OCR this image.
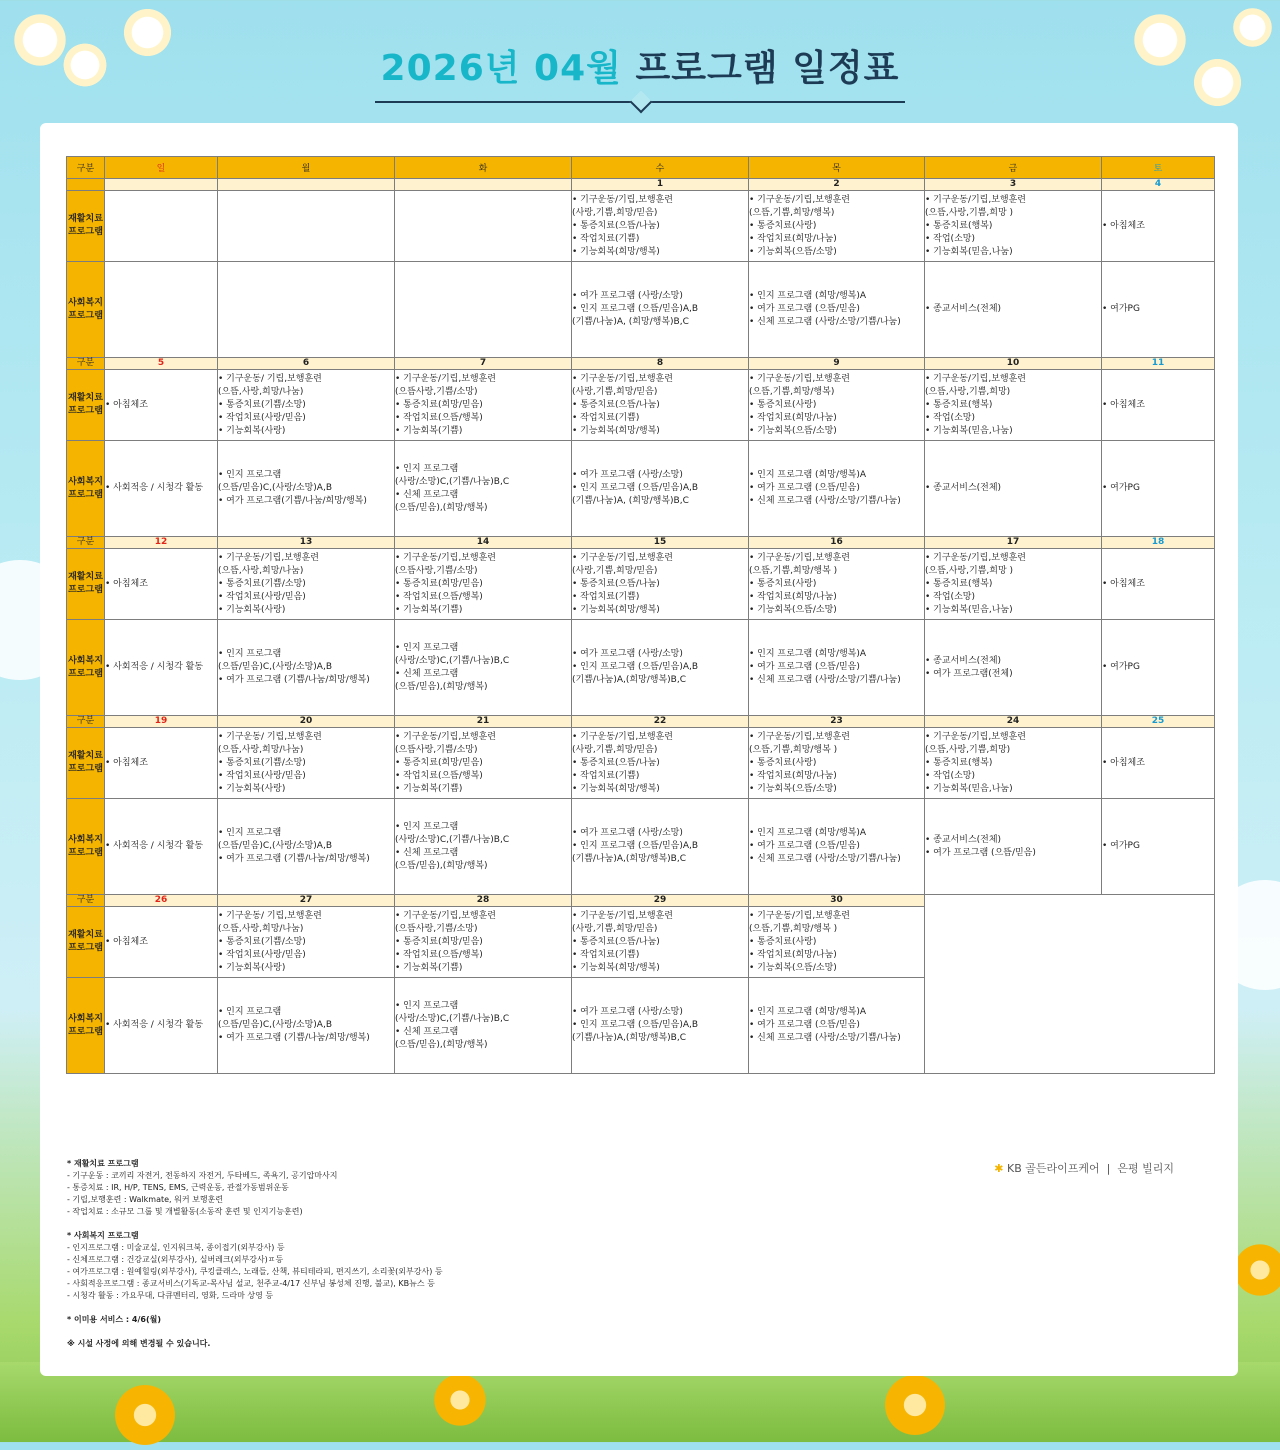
2026년 04월 프로그램 일정표
구분	일	월	화	수	목	금	토
				1	2	3	4

재활치료
프로그램				• 기구운동/기립,보행훈련
(사랑,기쁨,희망/믿음)
• 통증치료(으뜸/나눔)
• 작업치료(기쁨)
• 기능회복(희망/행복)	• 기구운동/기립,보행훈련
(으뜸,기쁨,희망/행복)
• 통증치료(사랑)
• 작업치료(희망/나눔)
• 기능회복(으뜸/소망)	• 기구운동/기립,보행훈련
(으뜸,사랑,기쁨,희망 )
• 통증치료(행복)
• 작업(소망)
• 기능회복(믿음,나눔)	• 아침체조

사회복지
프로그램				• 여가 프로그램 (사랑/소망)
• 인지 프로그램 (으뜸/믿음)A,B
(기쁨/나눔)A, (희망/행복)B,C	• 인지 프로그램 (희망/행복)A
• 여가 프로그램 (으뜸/믿음)
• 신체 프로그램 (사랑/소망/기쁨/나눔)	• 종교서비스(전체)	• 여가PG

구분	5	6	7	8	9	10	11

재활치료
프로그램	• 아침체조	• 기구운동/ 기립,보행훈련
(으뜸,사랑,희망/나눔)
• 통증치료(기쁨/소망)
• 작업치료(사랑/믿음)
• 기능회복(사랑)	• 기구운동/기립,보행훈련
(으뜸사랑,기쁨/소망)
• 통증치료(희망/믿음)
• 작업치료(으뜸/행복)
• 기능회복(기쁨)	• 기구운동/기립,보행훈련
(사랑,기쁨,희망/믿음)
• 통증치료(으뜸/나눔)
• 작업치료(기쁨)
• 기능회복(희망/행복)	• 기구운동/기립,보행훈련
(으뜸,기쁨,희망/행복)
• 통증치료(사랑)
• 작업치료(희망/나눔)
• 기능회복(으뜸/소망)	• 기구운동/기립,보행훈련
(으뜸,사랑,기쁨,희망)
• 통증치료(행복)
• 작업(소망)
• 기능회복(믿음,나눔)	• 아침체조

사회복지
프로그램	• 사회적응 / 시청각 활동	• 인지 프로그램
(으뜸/믿음)C,(사랑/소망)A,B
• 여가 프로그램(기쁨/나눔/희망/행복)	• 인지 프로그램
(사랑/소망)C,(기쁨/나눔)B,C
• 신체 프로그램
(으뜸/믿음),(희망/행복)	• 여가 프로그램 (사랑/소망)
• 인지 프로그램 (으뜸/믿음)A,B
(기쁨/나눔)A, (희망/행복)B,C	• 인지 프로그램 (희망/행복)A
• 여가 프로그램 (으뜸/믿음)
• 신체 프로그램 (사랑/소망/기쁨/나눔)	• 종교서비스(전체)	• 여가PG

구분	12	13	14	15	16	17	18

재활치료
프로그램	• 아침체조	• 기구운동/기립,보행훈련
(으뜸,사랑,희망/나눔)
• 통증치료(기쁨/소망)
• 작업치료(사랑/믿음)
• 기능회복(사랑)	• 기구운동/기립,보행훈련
(으뜸사랑,기쁨/소망)
• 통증치료(희망/믿음)
• 작업치료(으뜸/행복)
• 기능회복(기쁨)	• 기구운동/기립,보행훈련
(사랑,기쁨,희망/믿음)
• 통증치료(으뜸/나눔)
• 작업치료(기쁨)
• 기능회복(희망/행복)	• 기구운동/기립,보행훈련
(으뜸,기쁨,희망/행복 )
• 통증치료(사랑)
• 작업치료(희망/나눔)
• 기능회복(으뜸/소망)	• 기구운동/기립,보행훈련
(으뜸,사랑,기쁨,희망 )
• 통증치료(행복)
• 작업(소망)
• 기능회복(믿음,나눔)	• 아침체조

사회복지
프로그램	• 사회적응 / 시청각 활동	• 인지 프로그램
(으뜸/믿음)C,(사랑/소망)A,B
• 여가 프로그램 (기쁨/나눔/희망/행복)	• 인지 프로그램
(사랑/소망)C,(기쁨/나눔)B,C
• 신체 프로그램
(으뜸/믿음),(희망/행복)	• 여가 프로그램 (사랑/소망)
• 인지 프로그램 (으뜸/믿음)A,B
(기쁨/나눔)A,(희망/행복)B,C	• 인지 프로그램 (희망/행복)A
• 여가 프로그램 (으뜸/믿음)
• 신체 프로그램 (사랑/소망/기쁨/나눔)	• 종교서비스(전체)
• 여가 프로그램(전체)	• 여가PG

구분	19	20	21	22	23	24	25

재활치료
프로그램	• 아침체조	• 기구운동/ 기립,보행훈련
(으뜸,사랑,희망/나눔)
• 통증치료(기쁨/소망)
• 작업치료(사랑/믿음)
• 기능회복(사랑)	• 기구운동/기립,보행훈련
(으뜸사랑,기쁨/소망)
• 통증치료(희망/믿음)
• 작업치료(으뜸/행복)
• 기능회복(기쁨)	• 기구운동/기립,보행훈련
(사랑,기쁨,희망/믿음)
• 통증치료(으뜸/나눔)
• 작업치료(기쁨)
• 기능회복(희망/행복)	• 기구운동/기립,보행훈련
(으뜸,기쁨,희망/행복 )
• 통증치료(사랑)
• 작업치료(희망/나눔)
• 기능회복(으뜸/소망)	• 기구운동/기립,보행훈련
(으뜸,사랑,기쁨,희망)
• 통증치료(행복)
• 작업(소망)
• 기능회복(믿음,나눔)	• 아침체조

사회복지
프로그램	• 사회적응 / 시청각 활동	• 인지 프로그램
(으뜸/믿음)C,(사랑/소망)A,B
• 여가 프로그램 (기쁨/나눔/희망/행복)	• 인지 프로그램
(사랑/소망)C,(기쁨/나눔)B,C
• 신체 프로그램
(으뜸/믿음),(희망/행복)	• 여가 프로그램 (사랑/소망)
• 인지 프로그램 (으뜸/믿음)A,B
(기쁨/나눔)A,(희망/행복)B,C	• 인지 프로그램 (희망/행복)A
• 여가 프로그램 (으뜸/믿음)
• 신체 프로그램 (사랑/소망/기쁨/나눔)	• 종교서비스(전체)
• 여가 프로그램 (으뜸/믿음)	• 여가PG

구분	26	27	28	29	30		

재활치료
프로그램	• 아침체조	• 기구운동/ 기립,보행훈련
(으뜸,사랑,희망/나눔)
• 통증치료(기쁨/소망)
• 작업치료(사랑/믿음)
• 기능회복(사랑)	• 기구운동/기립,보행훈련
(으뜸사랑,기쁨/소망)
• 통증치료(희망/믿음)
• 작업치료(으뜸/행복)
• 기능회복(기쁨)	• 기구운동/기립,보행훈련
(사랑,기쁨,희망/믿음)
• 통증치료(으뜸/나눔)
• 작업치료(기쁨)
• 기능회복(희망/행복)	• 기구운동/기립,보행훈련
(으뜸,기쁨,희망/행복 )
• 통증치료(사랑)
• 작업치료(희망/나눔)
• 기능회복(으뜸/소망)		

사회복지
프로그램	• 사회적응 / 시청각 활동	• 인지 프로그램
(으뜸/믿음)C,(사랑/소망)A,B
• 여가 프로그램 (기쁨/나눔/희망/행복)	• 인지 프로그램
(사랑/소망)C,(기쁨/나눔)B,C
• 신체 프로그램
(으뜸/믿음),(희망/행복)	• 여가 프로그램 (사랑/소망)
• 인지 프로그램 (으뜸/믿음)A,B
(기쁨/나눔)A,(희망/행복)B,C	• 인지 프로그램 (희망/행복)A
• 여가 프로그램 (으뜸/믿음)
• 신체 프로그램 (사랑/소망/기쁨/나눔)		
* 재활치료 프로그램
- 기구운동 : 코끼리 자전거, 전동하지 자전거, 두타베드, 족욕기, 공기압마사지
- 통증치료 : IR, H/P, TENS, EMS, 근력운동, 관절가동범위운동
- 기립,보행훈련 : Walkmate, 워커 보행훈련
- 작업치료 : 소규모 그룹 및 개별활동(소동작 훈련 및 인지기능훈련)
* 사회복지 프로그램
- 인지프로그램 : 미술교실, 인지워크북, 종이접기(외부강사) 등
- 신체프로그램 : 건강교실(외부강사), 실버레크(외부강사)ㅍ등
- 여가프로그램 : 원예힐링(외부강사), 쿠킹클래스, 노래들, 산책, 뷰티테라피, 편지쓰기, 소리꽃(외부강사) 등
- 사회적응프로그램 : 종교서비스(기독교-목사님 설교, 천주교-4/17 신부님 봉성체 진행, 불교), KB뉴스 등
- 시청각 활동 : 가요무대, 다큐멘터리, 영화, 드라마 상영 등
* 이미용 서비스 : 4/6(월)
※ 시설 사정에 의해 변경될 수 있습니다.
✱ KB 골든라이프케어 | 은평 빌리지
